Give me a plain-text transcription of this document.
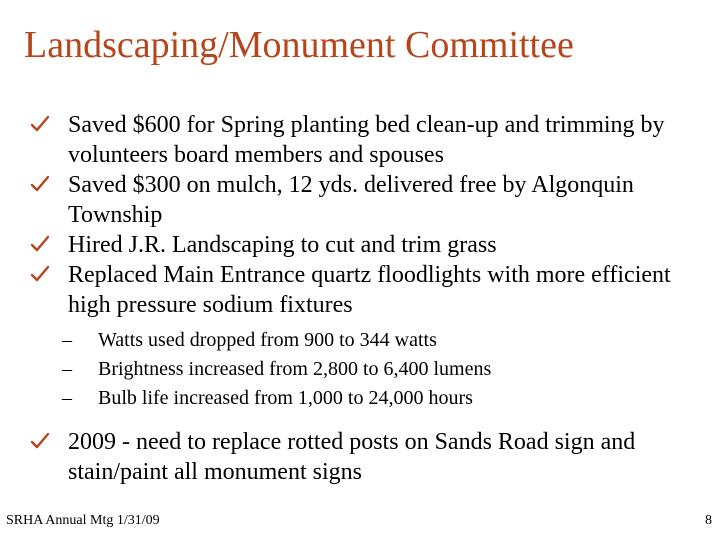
Landscaping/Monument Committee
Saved $600 for Spring planting bed clean-up and trimming by volunteers board members and spouses
Saved $300 on mulch, 12 yds. delivered free by Algonquin Township
Hired J.R. Landscaping to cut and trim grass
Replaced Main Entrance quartz floodlights with more efficient high pressure sodium fixtures
– Watts used dropped from 900 to 344 watts
– Brightness increased from 2,800 to 6,400 lumens
– Bulb life increased from 1,000 to 24,000 hours
2009 - need to replace rotted posts on Sands Road sign and stain/paint all monument signs
SRHA Annual Mtg 1/31/09	8
